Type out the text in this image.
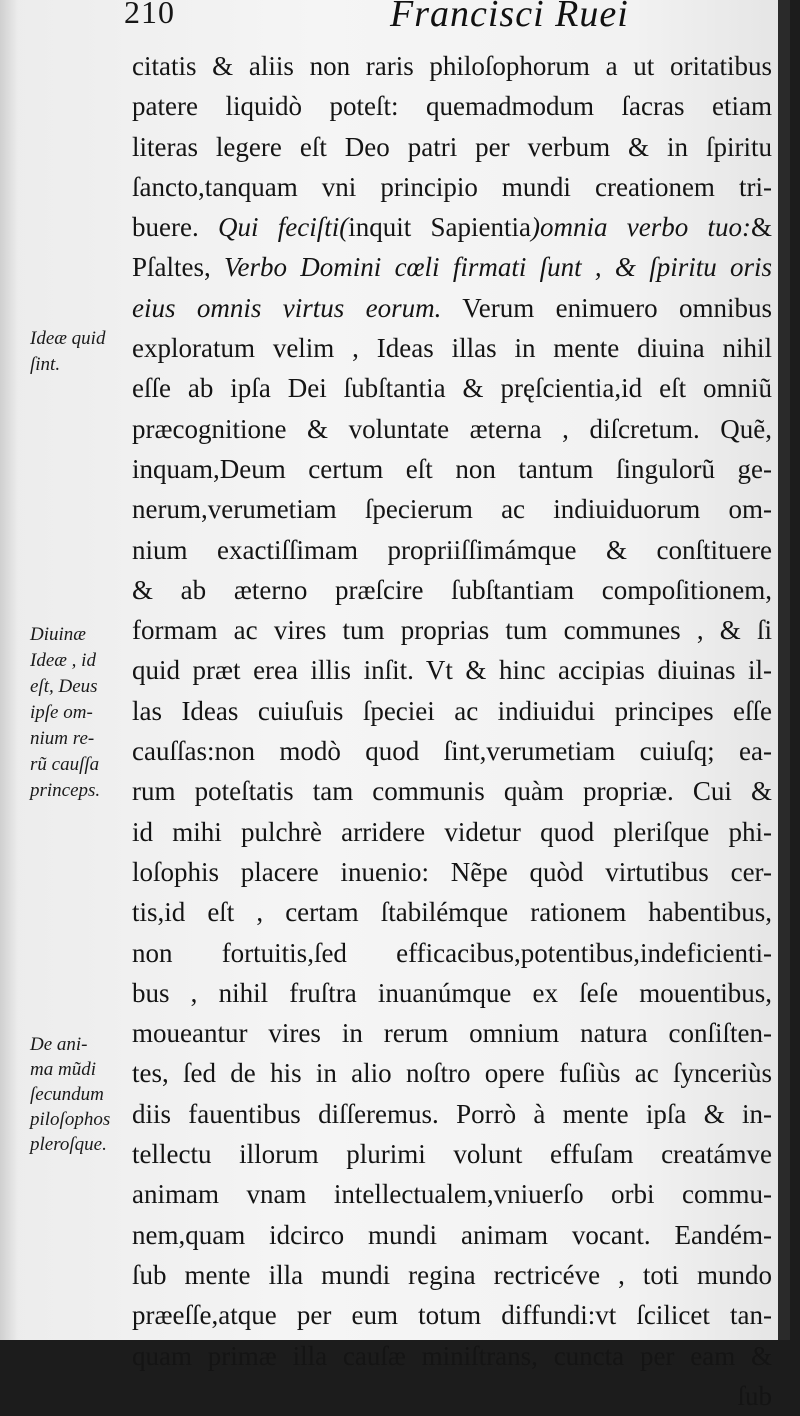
210	Francisci Ruei
citatis & aliis non raris philoſophorum a ut oritatibus
patere liquidò poteſt: quemadmodum ſacras etiam
literas legere eſt Deo patri per verbum & in ſpiritu
ſancto,tanquam vni principio mundi creationem tri-
buere. Qui feciſti(inquit Sapientia)omnia verbo tuo:&
Pſaltes, Verbo Domini cœli firmati ſunt , & ſpiritu oris
eius omnis virtus eorum. Verum enimuero omnibus
exploratum velim , Ideas illas in mente diuina nihil
eſſe ab ipſa Dei ſubſtantia & pręſcientia,id eſt omniũ
præcognitione & voluntate æterna , diſcretum. Quẽ,
inquam,Deum certum eſt non tantum ſingulorũ ge-
nerum,verumetiam ſpecierum ac indiuiduorum om-
nium exactiſſimam propriiſſimámque & conſtituere
& ab æterno præſcire ſubſtantiam compoſitionem,
formam ac vires tum proprias tum communes , & ſi
quid præt erea illis inſit. Vt & hinc accipias diuinas il-
las Ideas cuiuſuis ſpeciei ac indiuidui principes eſſe
cauſſas:non modò quod ſint,verumetiam cuiuſq; ea-
rum poteſtatis tam communis quàm propriæ. Cui &
id mihi pulchrè arridere videtur quod pleriſque phi-
loſophis placere inuenio: Nẽpe quòd virtutibus cer-
tis,id eſt , certam ſtabilémque rationem habentibus,
non fortuitis,ſed efficacibus,potentibus,indeficienti-
bus , nihil fruſtra inuanúmque ex ſeſe mouentibus,
moueantur vires in rerum omnium natura conſiſten-
tes, ſed de his in alio noſtro opere fuſiùs ac ſynceriùs
diis fauentibus diſſeremus. Porrò à mente ipſa & in-
tellectu illorum plurimi volunt effuſam creatámve
animam vnam intellectualem,vniuerſo orbi commu-
nem,quam idcirco mundi animam vocant. Eandém-
ſub mente illa mundi regina rectricéve , toti mundo
præeſſe,atque per eum totum diffundi:vt ſcilicet tan-
quam primæ illa cauſæ miniſtrans, cuncta per eam &
ſub
Ideæ quid
ſint.
Diuinæ
Ideæ , id
eſt, Deus
ipſe om-
nium re-
rũ cauſſa
princeps.
De ani-
ma mũdi
ſecundum
piloſophos
pleroſque.
